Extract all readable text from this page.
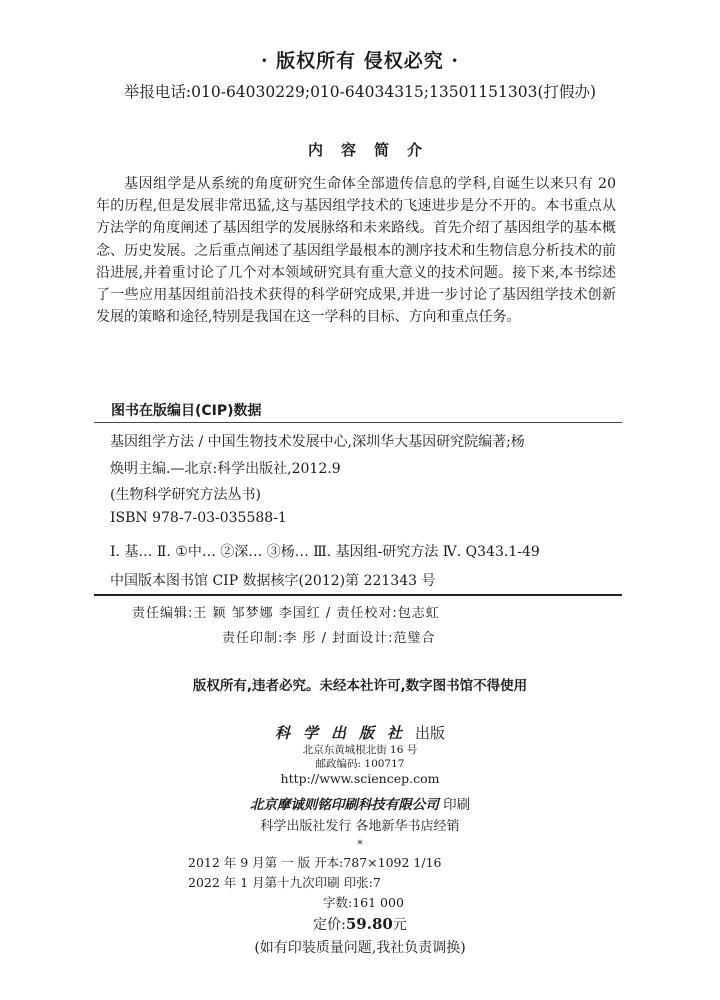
· 版权所有 侵权必究 ·
举报电话:010-64030229;010-64034315;13501151303(打假办)
内容简介

基因组学是从系统的角度研究生命体全部遗传信息的学科,自诞生以来只有 20 年的历程,但是发展非常迅猛,这与基因组学技术的飞速进步是分不开的。本书重点从方法学的角度阐述了基因组学的发展脉络和未来路线。首先介绍了基因组学的基本概念、历史发展。之后重点阐述了基因组学最根本的测序技术和生物信息分析技术的前沿进展,并着重讨论了几个对本领域研究具有重大意义的技术问题。接下来,本书综述了一些应用基因组前沿技术获得的科学研究成果,并进一步讨论了基因组学技术创新发展的策略和途径,特别是我国在这一学科的目标、方向和重点任务。

图书在版编目(CIP)数据
基因组学方法 / 中国生物技术发展中心,深圳华大基因研究院编著;杨
焕明主编.—北京:科学出版社,2012.9
(生物科学研究方法丛书)
ISBN 978-7-03-035588-1
Ⅰ. 基… Ⅱ. ①中… ②深… ③杨… Ⅲ. 基因组-研究方法 Ⅳ. Q343.1-49
中国版本图书馆 CIP 数据核字(2012)第 221343 号
责任编辑:王 颖 邹梦娜 李国红 / 责任校对:包志虹
责任印制:李 彤 / 封面设计:范璧合
版权所有,违者必究。未经本社许可,数字图书馆不得使用
科学出版社出版
北京东黄城根北街 16 号
邮政编码: 100717
http://www.sciencep.com
北京摩诚则铭印刷科技有限公司 印刷
科学出版社发行 各地新华书店经销
*
2012 年 9 月第 一 版 开本:787×1092 1/16
2022 年 1 月第十九次印刷 印张:7
字数:161 000
定价:59.80元
(如有印装质量问题,我社负责调换)
